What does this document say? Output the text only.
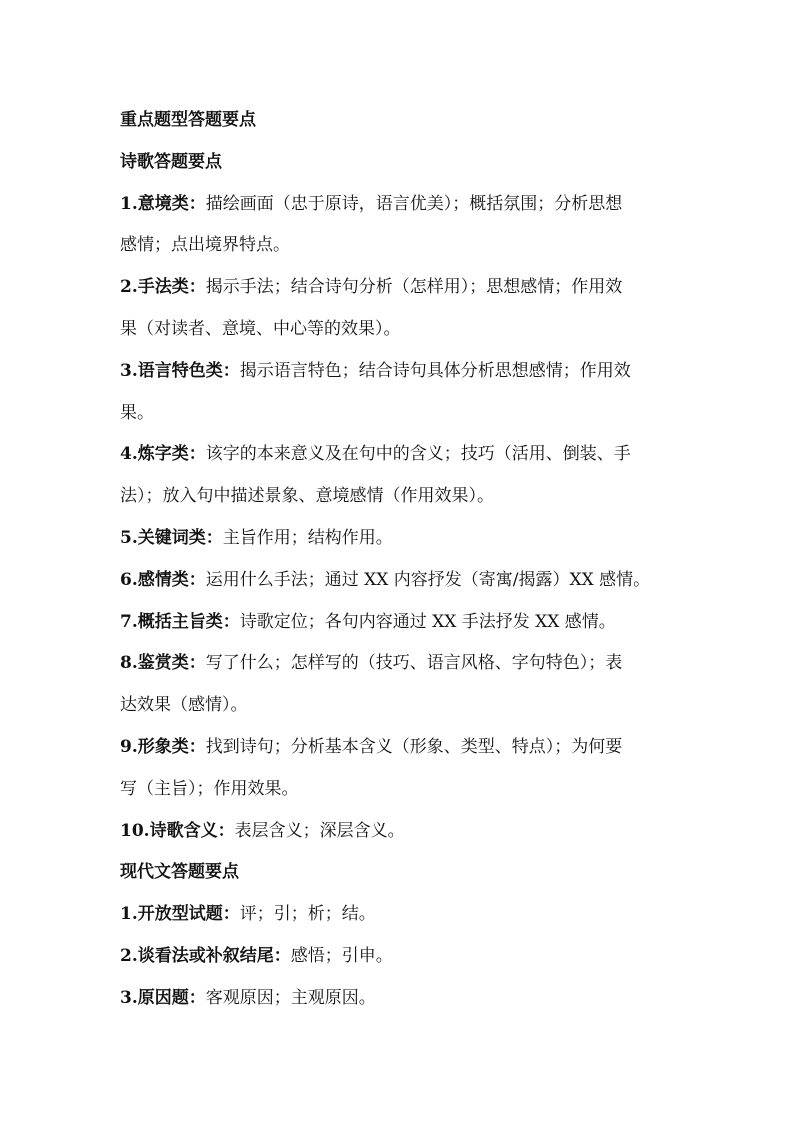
重点题型答题要点

诗歌答题要点

1.意境类：描绘画面（忠于原诗，语言优美）；概括氛围；分析思想

感情；点出境界特点。

2.手法类：揭示手法；结合诗句分析（怎样用）；思想感情；作用效

果（对读者、意境、中心等的效果）。

3.语言特色类：揭示语言特色；结合诗句具体分析思想感情；作用效

果。

4.炼字类：该字的本来意义及在句中的含义；技巧（活用、倒装、手

法）；放入句中描述景象、意境感情（作用效果）。

5.关键词类：主旨作用；结构作用。

6.感情类：运用什么手法；通过 XX 内容抒发（寄寓/揭露）XX 感情。

7.概括主旨类：诗歌定位；各句内容通过 XX 手法抒发 XX 感情。

8.鉴赏类：写了什么；怎样写的（技巧、语言风格、字句特色）；表

达效果（感情）。

9.形象类：找到诗句；分析基本含义（形象、类型、特点）；为何要

写（主旨）；作用效果。

10.诗歌含义：表层含义；深层含义。

现代文答题要点

1.开放型试题：评；引；析；结。

2.谈看法或补叙结尾：感悟；引申。

3.原因题：客观原因；主观原因。
